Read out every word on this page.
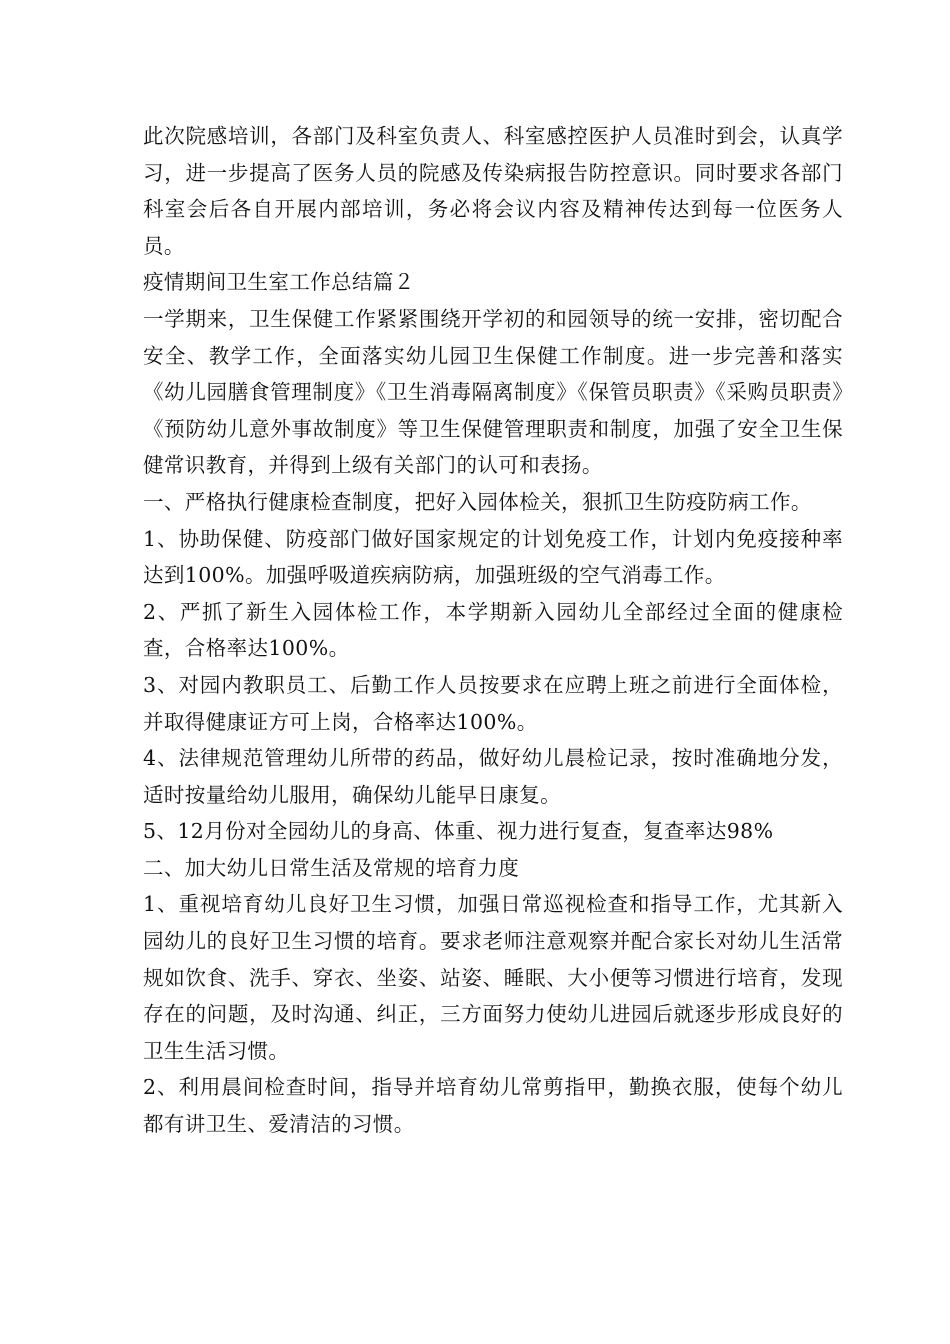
此次院感培训，各部门及科室负责人、科室感控医护人员准时到会，认真学习，进一步提高了医务人员的院感及传染病报告防控意识。同时要求各部门科室会后各自开展内部培训，务必将会议内容及精神传达到每一位医务人员。

疫情期间卫生室工作总结篇２

一学期来，卫生保健工作紧紧围绕开学初的和园领导的统一安排，密切配合安全、教学工作，全面落实幼儿园卫生保健工作制度。进一步完善和落实《幼儿园膳食管理制度》《卫生消毒隔离制度》《保管员职责》《采购员职责》《预防幼儿意外事故制度》等卫生保健管理职责和制度，加强了安全卫生保健常识教育，并得到上级有关部门的认可和表扬。

一、严格执行健康检查制度，把好入园体检关，狠抓卫生防疫防病工作。

1、协助保健、防疫部门做好国家规定的计划免疫工作，计划内免疫接种率达到100%。加强呼吸道疾病防病，加强班级的空气消毒工作。

2、严抓了新生入园体检工作，本学期新入园幼儿全部经过全面的健康检查，合格率达100%。

3、对园内教职员工、后勤工作人员按要求在应聘上班之前进行全面体检，并取得健康证方可上岗，合格率达100%。

4、法律规范管理幼儿所带的药品，做好幼儿晨检记录，按时准确地分发，适时按量给幼儿服用，确保幼儿能早日康复。

5、12月份对全园幼儿的身高、体重、视力进行复查，复查率达98%

二、加大幼儿日常生活及常规的培育力度

1、重视培育幼儿良好卫生习惯，加强日常巡视检查和指导工作，尤其新入园幼儿的良好卫生习惯的培育。要求老师注意观察并配合家长对幼儿生活常规如饮食、洗手、穿衣、坐姿、站姿、睡眠、大小便等习惯进行培育，发现存在的问题，及时沟通、纠正，三方面努力使幼儿进园后就逐步形成良好的卫生生活习惯。

2、利用晨间检查时间，指导并培育幼儿常剪指甲，勤换衣服，使每个幼儿都有讲卫生、爱清洁的习惯。
